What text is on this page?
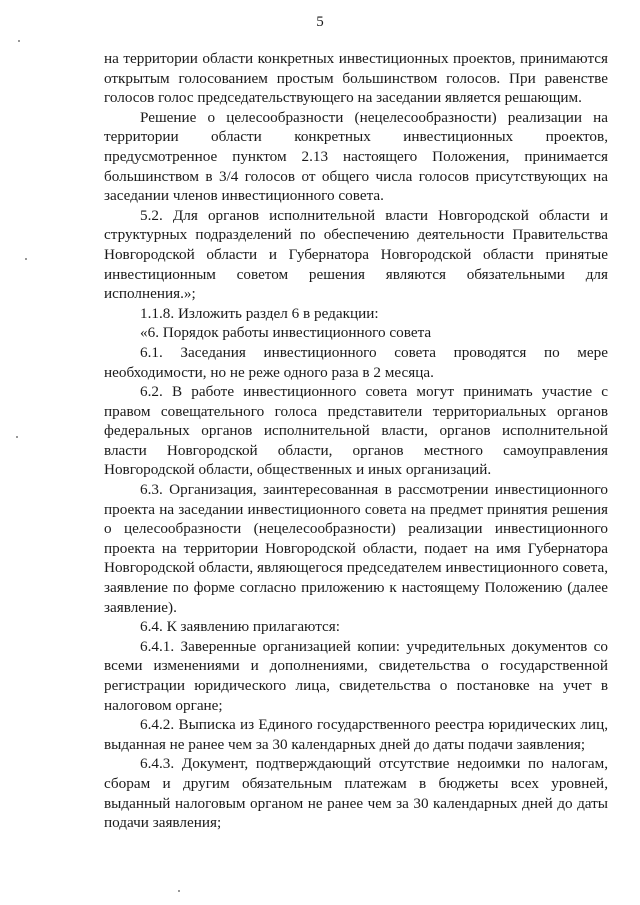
5

на территории области конкретных инвестиционных проектов, принимаются открытым голосованием простым большинством голосов. При равенстве голосов голос председательствующего на заседании является решающим.

Решение о целесообразности (нецелесообразности) реализации на территории области конкретных инвестиционных проектов, предусмотренное пунктом 2.13 настоящего Положения, принимается большинством в 3/4 голосов от общего числа голосов присутствующих на заседании членов инвестиционного совета.

5.2. Для органов исполнительной власти Новгородской области и структурных подразделений по обеспечению деятельности Правительства Новгородской области и Губернатора Новгородской области принятые инвестиционным советом решения являются обязательными для исполнения.»;

1.1.8. Изложить раздел 6 в редакции:

«6. Порядок работы инвестиционного совета

6.1. Заседания инвестиционного совета проводятся по мере необходимости, но не реже одного раза в 2 месяца.

6.2. В работе инвестиционного совета могут принимать участие с правом совещательного голоса представители территориальных органов федеральных органов исполнительной власти, органов исполнительной власти Новгородской области, органов местного самоуправления Новгородской области, общественных и иных организаций.

6.3. Организация, заинтересованная в рассмотрении инвестиционного проекта на заседании инвестиционного совета на предмет принятия решения о целесообразности (нецелесообразности) реализации инвестиционного проекта на территории Новгородской области, подает на имя Губернатора Новгородской области, являющегося председателем инвестиционного совета, заявление по форме согласно приложению к настоящему Положению (далее заявление).

6.4. К заявлению прилагаются:

6.4.1. Заверенные организацией копии: учредительных документов со всеми изменениями и дополнениями, свидетельства о государственной регистрации юридического лица, свидетельства о постановке на учет в налоговом органе;

6.4.2. Выписка из Единого государственного реестра юридических лиц, выданная не ранее чем за 30 календарных дней до даты подачи заявления;

6.4.3. Документ, подтверждающий отсутствие недоимки по налогам, сборам и другим обязательным платежам в бюджеты всех уровней, выданный налоговым органом не ранее чем за 30 календарных дней до даты подачи заявления;
